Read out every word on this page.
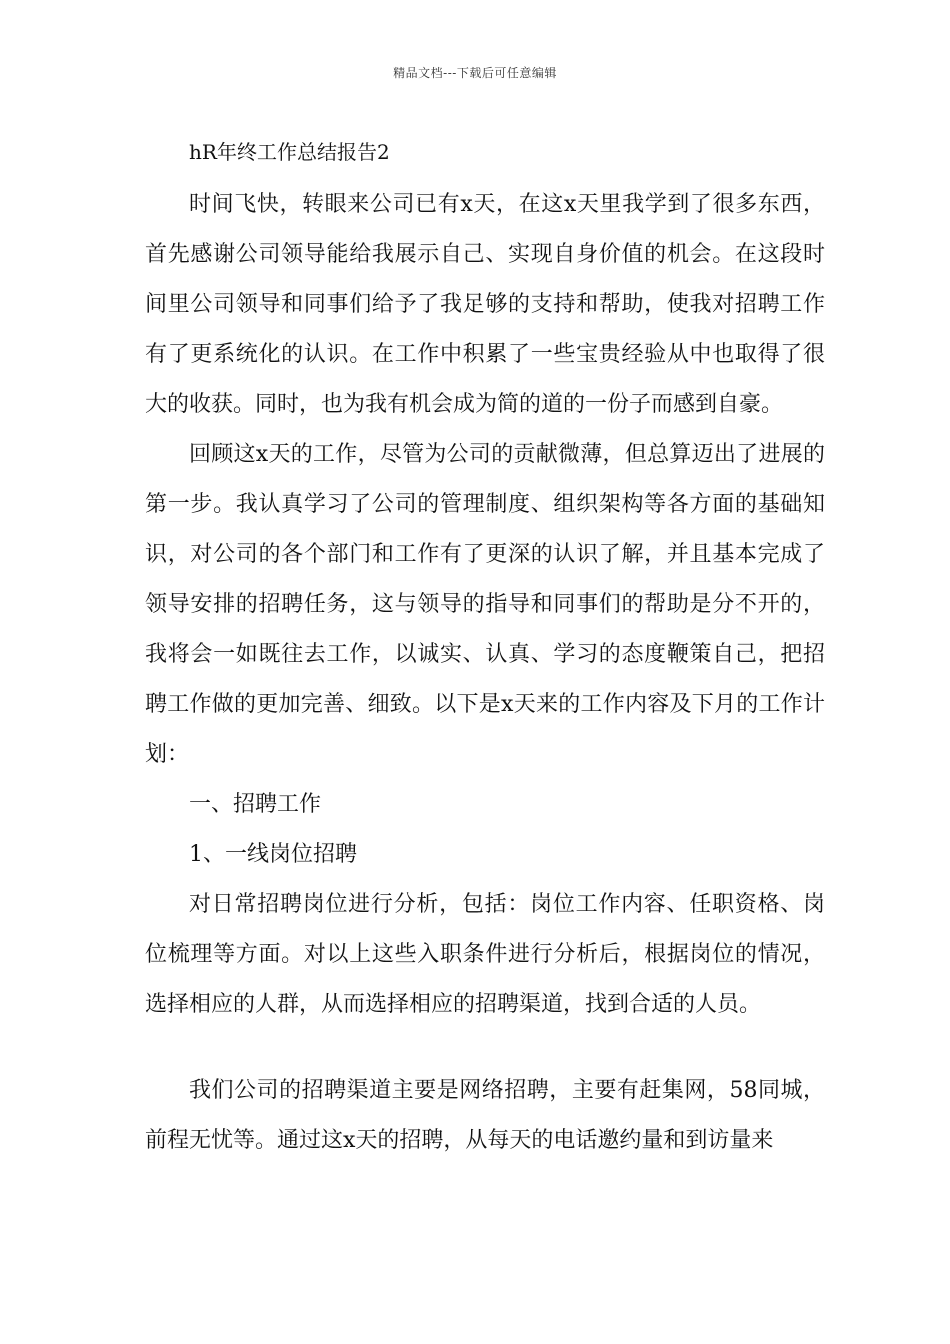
精品文档---下载后可任意编辑

hR年终工作总结报告2

时间飞快，转眼来公司已有x天，在这x天里我学到了很多东西，首先感谢公司领导能给我展示自己、实现自身价值的机会。在这段时间里公司领导和同事们给予了我足够的支持和帮助，使我对招聘工作有了更系统化的认识。在工作中积累了一些宝贵经验从中也取得了很大的收获。同时，也为我有机会成为简的道的一份子而感到自豪。

回顾这x天的工作，尽管为公司的贡献微薄，但总算迈出了进展的第一步。我认真学习了公司的管理制度、组织架构等各方面的基础知识，对公司的各个部门和工作有了更深的认识了解，并且基本完成了领导安排的招聘任务，这与领导的指导和同事们的帮助是分不开的，我将会一如既往去工作，以诚实、认真、学习的态度鞭策自己，把招聘工作做的更加完善、细致。以下是x天来的工作内容及下月的工作计划：

一、招聘工作

1、一线岗位招聘

对日常招聘岗位进行分析，包括：岗位工作内容、任职资格、岗位梳理等方面。对以上这些入职条件进行分析后，根据岗位的情况，选择相应的人群，从而选择相应的招聘渠道，找到合适的人员。

我们公司的招聘渠道主要是网络招聘，主要有赶集网，58同城，前程无忧等。通过这x天的招聘，从每天的电话邀约量和到访量来
